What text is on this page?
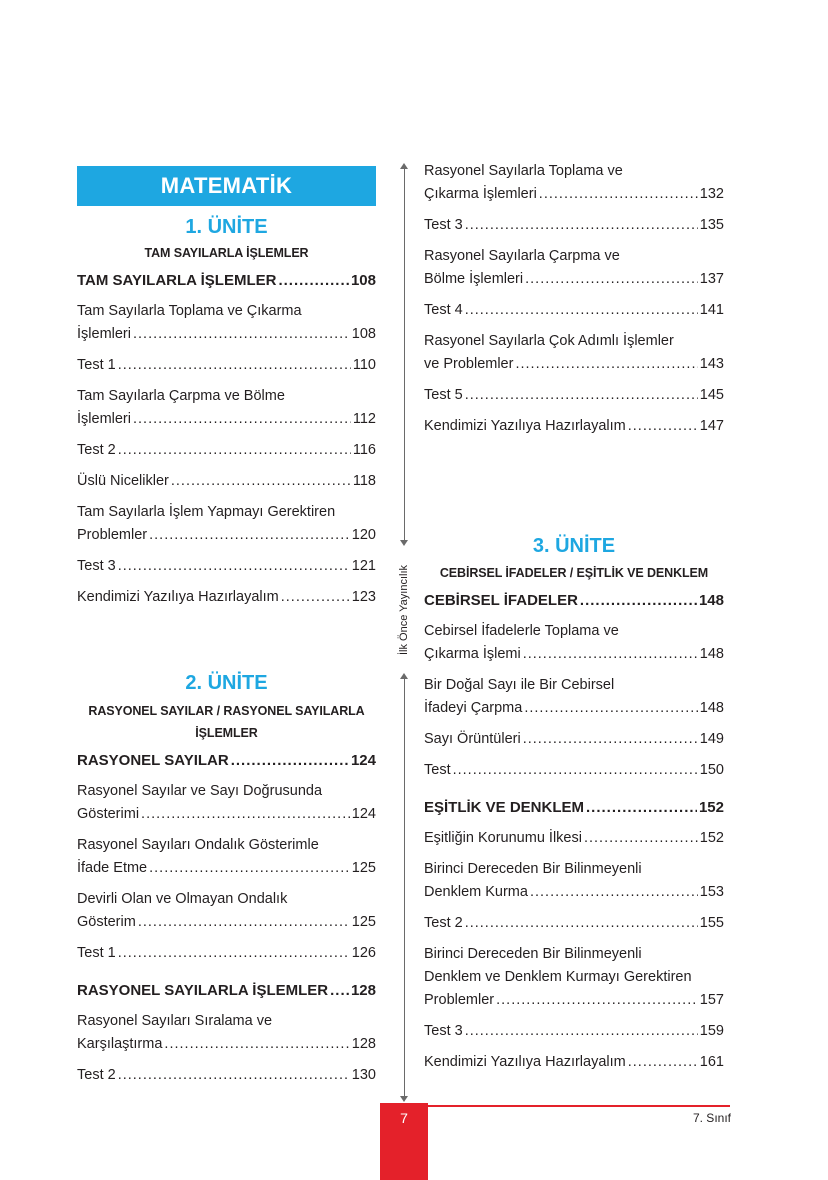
MATEMATİK
1. ÜNİTE
TAM SAYILARLA İŞLEMLER
TAM SAYILARLA İŞLEMLER .....	108
Tam Sayılarla Toplama ve Çıkarma
İşlemleri .....	108
Test 1 .....	110
Tam Sayılarla Çarpma ve Bölme
İşlemleri .....	112
Test 2 .....	116
Üslü Nicelikler .....	118
Tam Sayılarla İşlem Yapmayı Gerektiren
Problemler .....	120
Test 3 .....	121
Kendimizi Yazılıya Hazırlayalım .....	123
2. ÜNİTE
RASYONEL SAYILAR / RASYONEL SAYILARLA
İŞLEMLER
RASYONEL SAYILAR .....	124
Rasyonel Sayılar ve Sayı Doğrusunda
Gösterimi .....	124
Rasyonel Sayıları Ondalık Gösterimle
İfade Etme .....	125
Devirli Olan ve Olmayan Ondalık
Gösterim .....	125
Test 1 .....	126
RASYONEL SAYILARLA İŞLEMLER ..... 128
Rasyonel Sayıları Sıralama ve
Karşılaştırma .....	128
Test 2 .....	130
Rasyonel Sayılarla Toplama ve
Çıkarma İşlemleri .....	132
Test 3 .....	135
Rasyonel Sayılarla Çarpma ve
Bölme İşlemleri .....	137
Test 4 .....	141
Rasyonel Sayılarla Çok Adımlı İşlemler
ve Problemler .....	143
Test 5 .....	145
Kendimizi Yazılıya Hazırlayalım .....	147
3. ÜNİTE
CEBİRSEL İFADELER / EŞİTLİK VE DENKLEM
CEBİRSEL İFADELER .....	148
Cebirsel İfadelerle Toplama ve
Çıkarma İşlemi .....	148
Bir Doğal Sayı ile Bir Cebirsel
İfadeyi Çarpma .....	148
Sayı Örüntüleri .....	149
Test .....	150
EŞİTLİK VE DENKLEM .....	152
Eşitliğin Korunumu İlkesi .....	152
Birinci Dereceden Bir Bilinmeyenli
Denklem Kurma .....	153
Test 2 .....	155
Birinci Dereceden Bir Bilinmeyenli
Denklem ve Denklem Kurmayı Gerektiren
Problemler .....	157
Test 3 .....	159
Kendimizi Yazılıya Hazırlayalım .....	161
İlk Önce Yayıncılık
7	7. Sınıf
